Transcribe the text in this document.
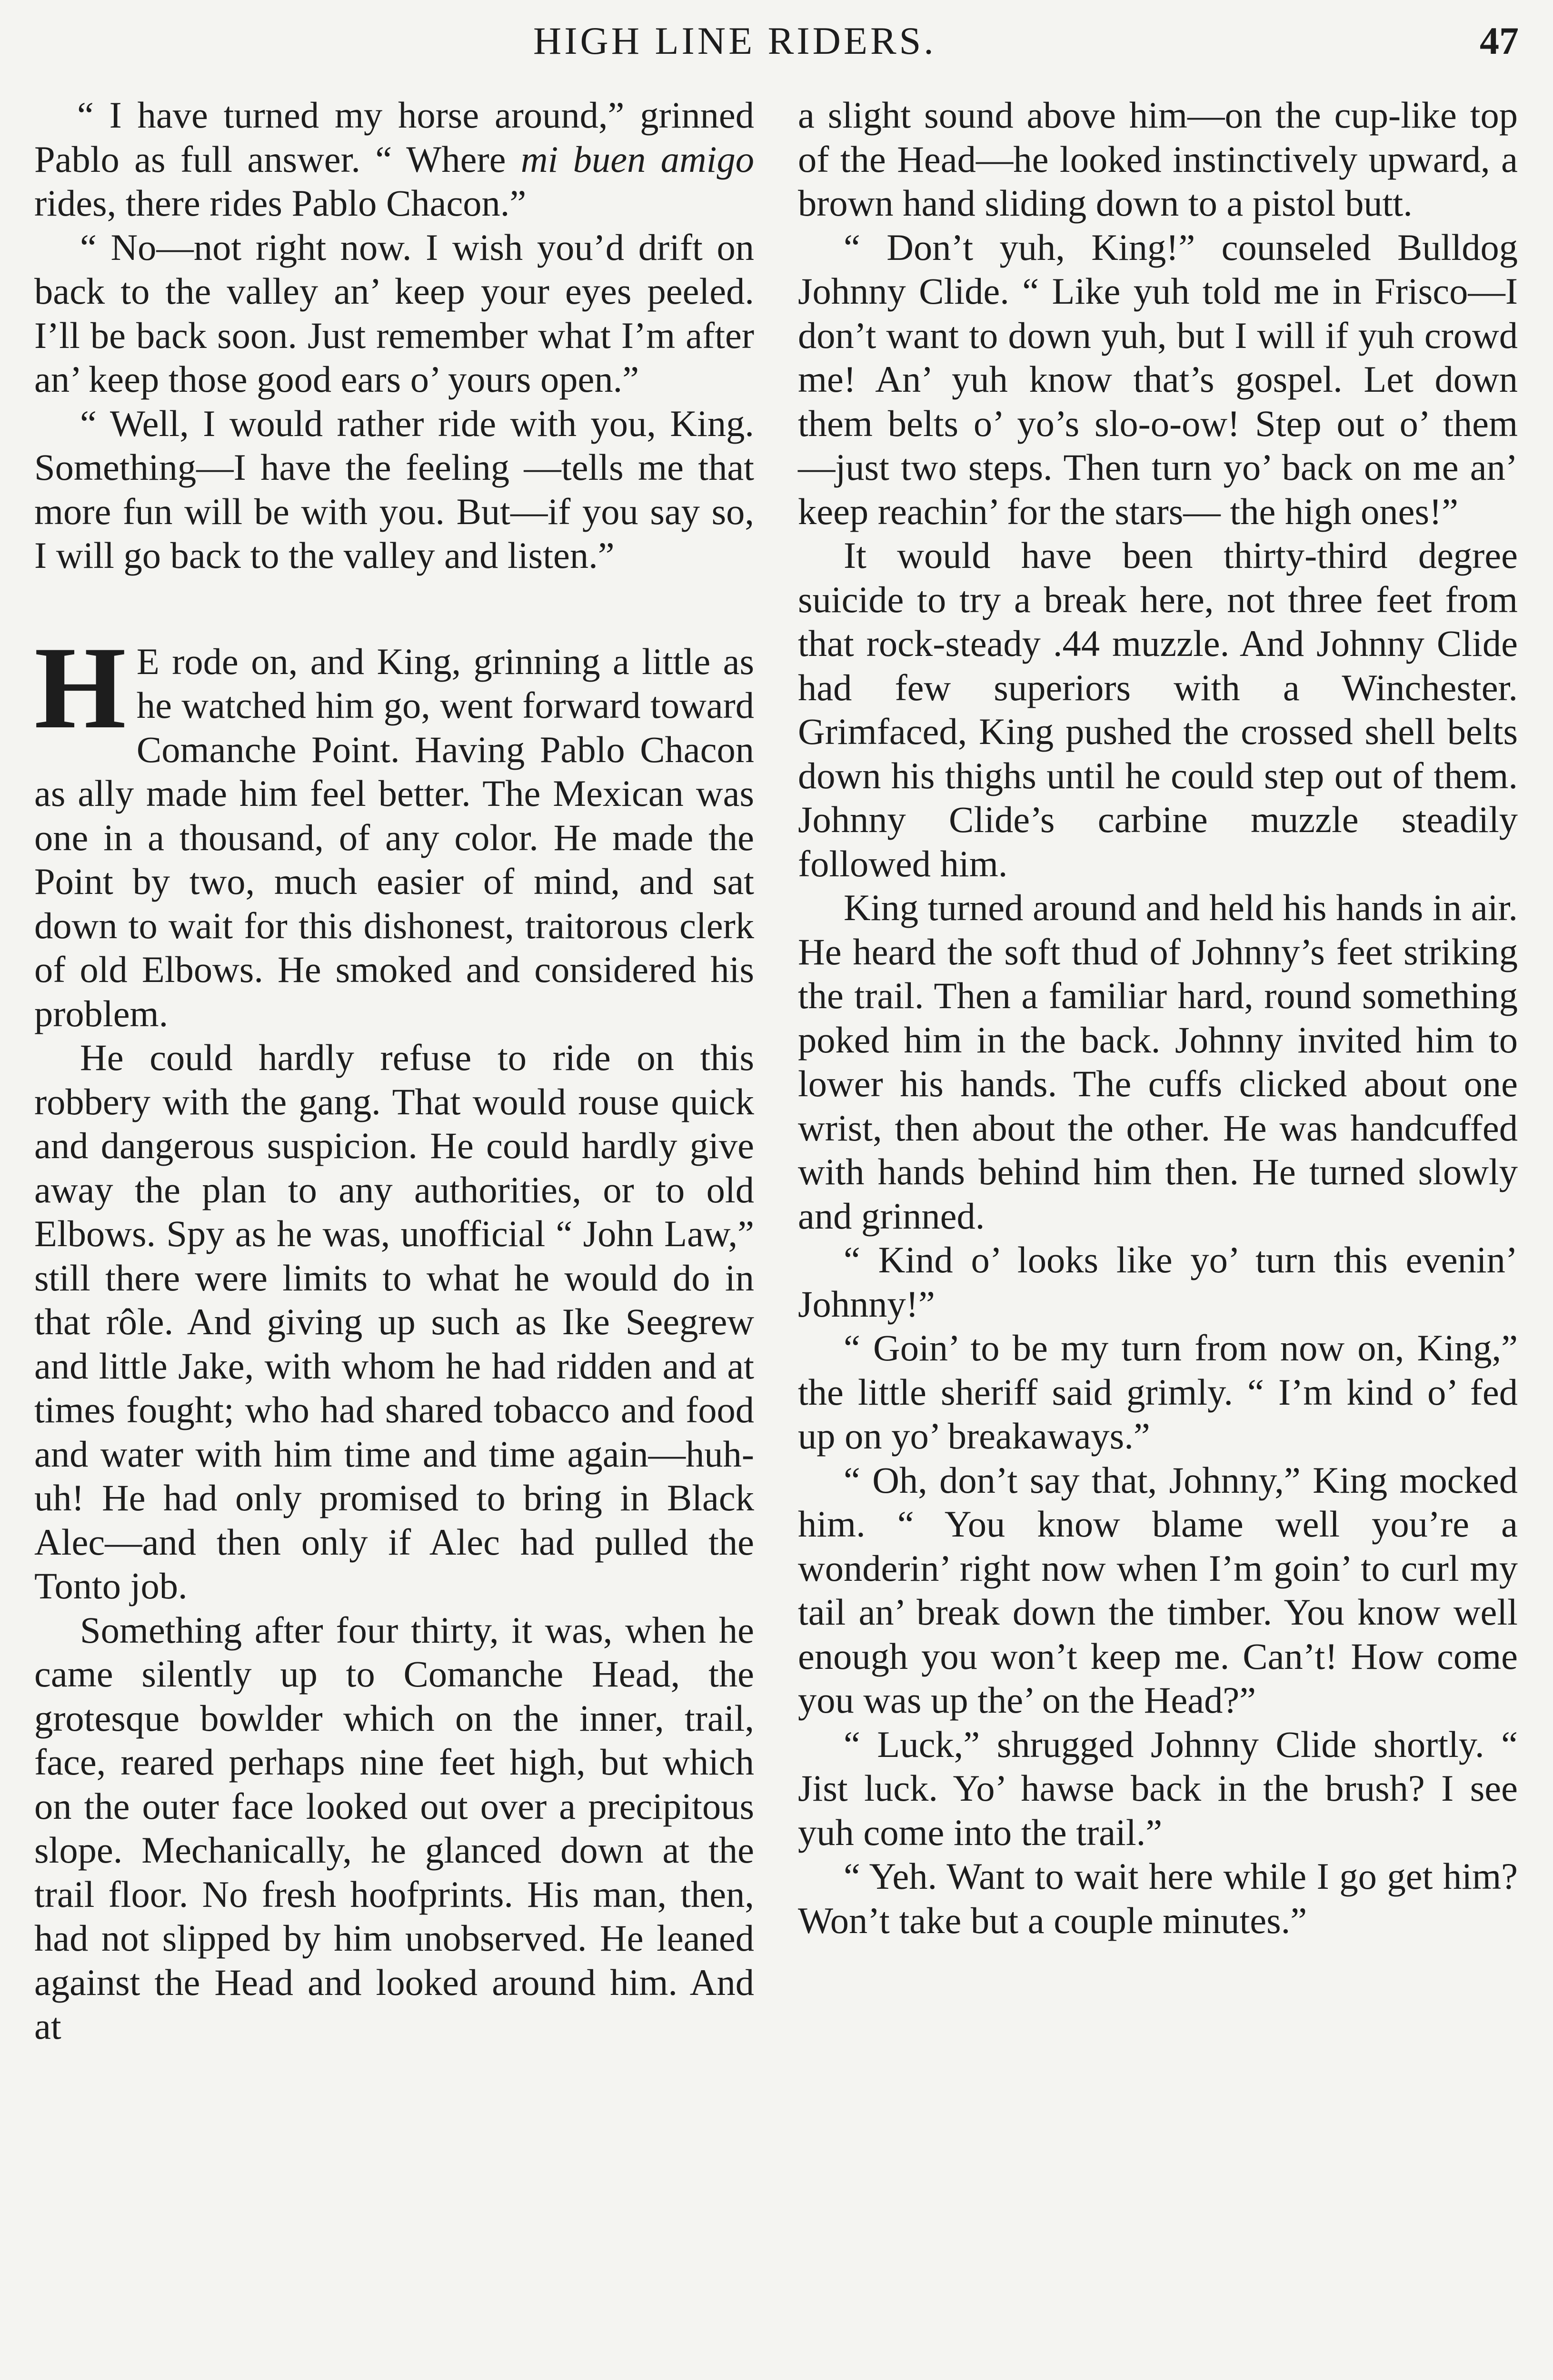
HIGH LINE RIDERS.	47

“ I have turned my horse around,” grinned Pablo as full answer. “ Where mi buen amigo rides, there rides Pablo Chacon.”

“ No—not right now. I wish you’d drift on back to the valley an’ keep your eyes peeled. I’ll be back soon. Just remember what I’m after an’ keep those good ears o’ yours open.”

“ Well, I would rather ride with you, King. Something—I have the feeling —tells me that more fun will be with you. But—if you say so, I will go back to the valley and listen.”

H E rode on, and King, grinning a little as he watched him go, went forward toward Comanche Point. Having Pablo Chacon as ally made him feel better. The Mexican was one in a thousand, of any color. He made the Point by two, much easier of mind, and sat down to wait for this dishonest, traitorous clerk of old Elbows. He smoked and considered his problem.

He could hardly refuse to ride on this robbery with the gang. That would rouse quick and dangerous suspicion. He could hardly give away the plan to any authorities, or to old Elbows. Spy as he was, unofficial “ John Law,” still there were limits to what he would do in that rôle. And giving up such as Ike Seegrew and little Jake, with whom he had ridden and at times fought; who had shared tobacco and food and water with him time and time again—huh-uh! He had only promised to bring in Black Alec—and then only if Alec had pulled the Tonto job.

Something after four thirty, it was, when he came silently up to Comanche Head, the grotesque bowlder which on the inner, trail, face, reared perhaps nine feet high, but which on the outer face looked out over a precipitous slope. Mechanically, he glanced down at the trail floor. No fresh hoofprints. His man, then, had not slipped by him unobserved. He leaned against the Head and looked around him. And at

a slight sound above him—on the cup-like top of the Head—he looked instinctively upward, a brown hand sliding down to a pistol butt.

“ Don’t yuh, King!” counseled Bulldog Johnny Clide. “ Like yuh told me in Frisco—I don’t want to down yuh, but I will if yuh crowd me! An’ yuh know that’s gospel. Let down them belts o’ yo’s slo-o-ow! Step out o’ them —just two steps. Then turn yo’ back on me an’ keep reachin’ for the stars— the high ones!”

It would have been thirty-third degree suicide to try a break here, not three feet from that rock-steady .44 muzzle. And Johnny Clide had few superiors with a Winchester. Grimfaced, King pushed the crossed shell belts down his thighs until he could step out of them. Johnny Clide’s carbine muzzle steadily followed him.

King turned around and held his hands in air. He heard the soft thud of Johnny’s feet striking the trail. Then a familiar hard, round something poked him in the back. Johnny invited him to lower his hands. The cuffs clicked about one wrist, then about the other. He was handcuffed with hands behind him then. He turned slowly and grinned.

“ Kind o’ looks like yo’ turn this evenin’ Johnny!”

“ Goin’ to be my turn from now on, King,” the little sheriff said grimly. “ I’m kind o’ fed up on yo’ breakaways.”

“ Oh, don’t say that, Johnny,” King mocked him. “ You know blame well you’re a wonderin’ right now when I’m goin’ to curl my tail an’ break down the timber. You know well enough you won’t keep me. Can’t! How come you was up the’ on the Head?”

“ Luck,” shrugged Johnny Clide shortly. “ Jist luck. Yo’ hawse back in the brush? I see yuh come into the trail.”

“ Yeh. Want to wait here while I go get him? Won’t take but a couple minutes.”
